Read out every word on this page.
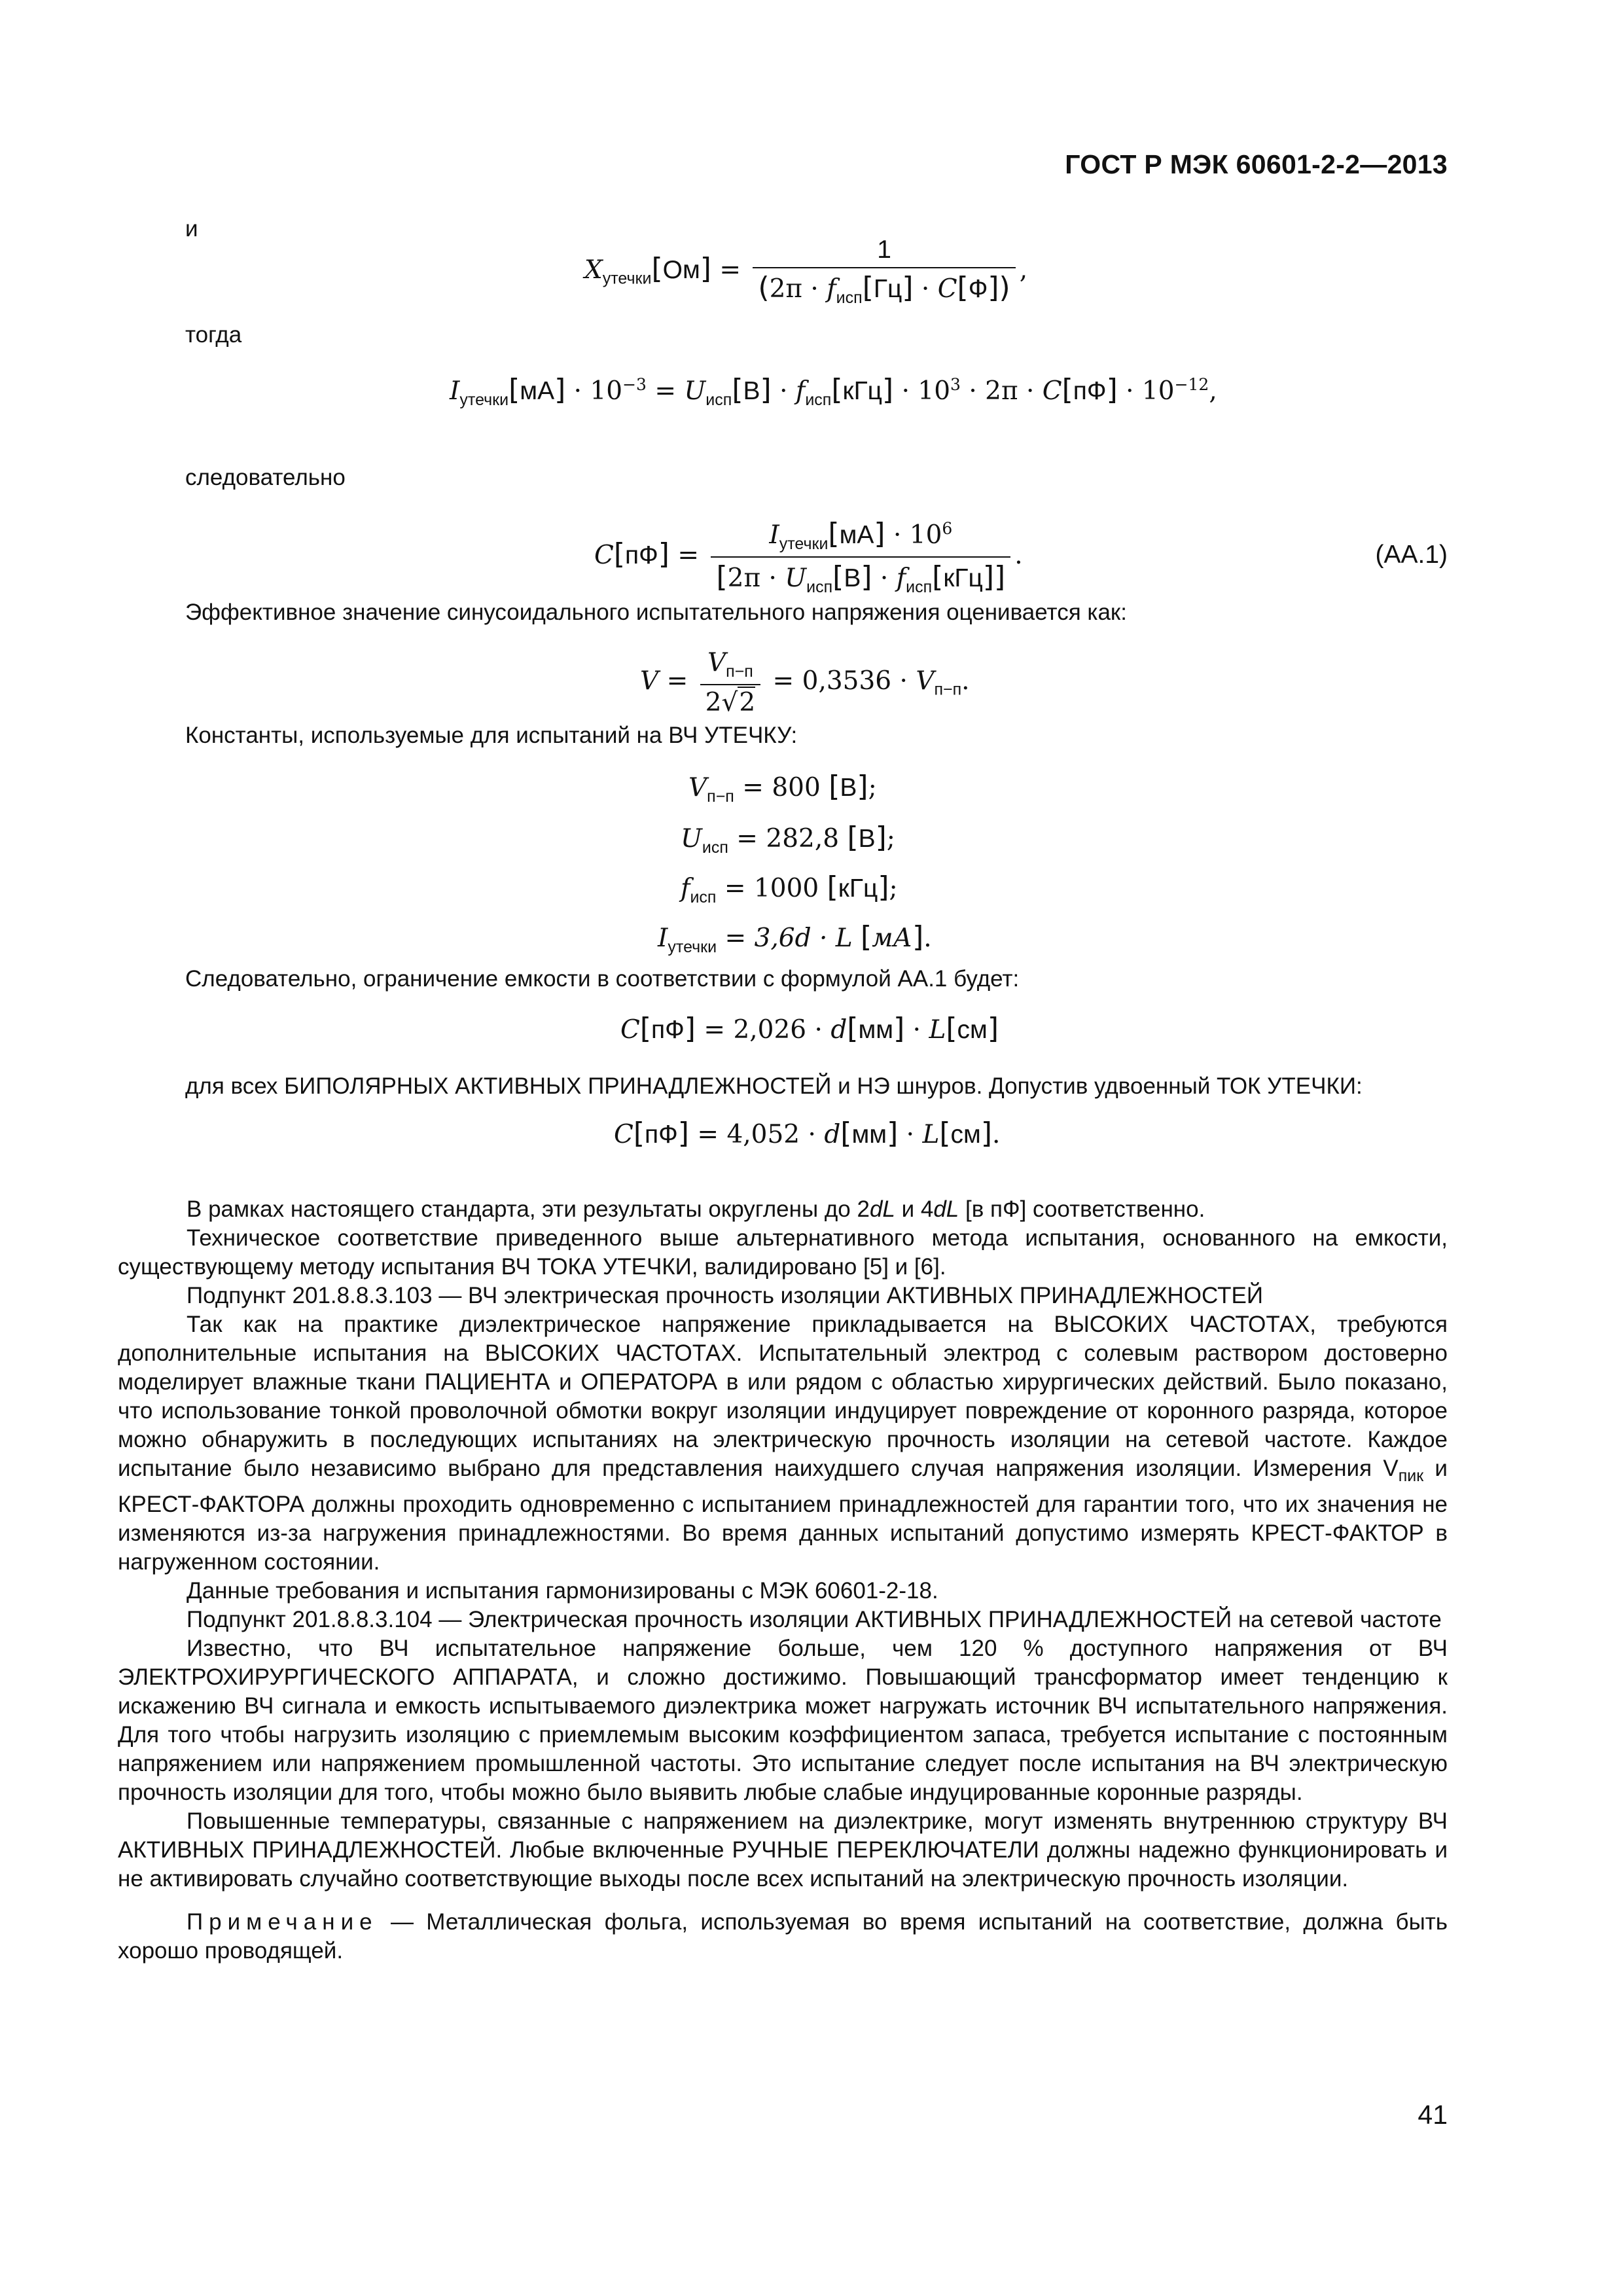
ГОСТ Р МЭК 60601-2-2—2013
и
$X_{утечки}[Ом] = \frac{1}{(2\pi \cdot f_{исп}[Гц] \cdot C[Ф])}$ ,
тогда
$I_{утечки}[мА] \cdot 10^{-3} = U_{исп}[В] \cdot f_{исп}[кГц] \cdot 10^3 \cdot 2\pi \cdot C[пФ] \cdot 10^{-12}$,
следовательно
$C[пФ] = \frac{I_{утечки}[мА] \cdot 10^6}{[2\pi \cdot U_{исп}[В] \cdot f_{исп}[кГц]]}$ .	(АА.1)
Эффективное значение синусоидального испытательного напряжения оценивается как:
$V = \frac{V_{п-п}}{2√2} = 0,3536 \cdot V_{п-п}$.
Константы, используемые для испытаний на ВЧ УТЕЧКУ:
$V_{п-п} = 800$ [В];
$U_{исп} = 282,8$ [В];
$f_{исп} = 1000$ [кГц];
$I_{утечки} = 3,6d \cdot L$ [мА].
Следовательно, ограничение емкости в соответствии с формулой АА.1 будет:
C[пФ] = 2,026 · d[мм] · L[см]
для всех БИПОЛЯРНЫХ АКТИВНЫХ ПРИНАДЛЕЖНОСТЕЙ и НЭ шнуров. Допустив удвоенный ТОК УТЕЧКИ:
C[пФ] = 4,052 · d[мм] · L[см].

В рамках настоящего стандарта, эти результаты округлены до 2dL и 4dL [в пФ] соответственно.

Техническое соответствие приведенного выше альтернативного метода испытания, основанного на емкости, существующему методу испытания ВЧ ТОКА УТЕЧКИ, валидировано [5] и [6].

Подпункт 201.8.8.3.103 — ВЧ электрическая прочность изоляции АКТИВНЫХ ПРИНАДЛЕЖНОСТЕЙ

Так как на практике диэлектрическое напряжение прикладывается на ВЫСОКИХ ЧАСТОТАХ, требуются дополнительные испытания на ВЫСОКИХ ЧАСТОТАХ. Испытательный электрод с солевым раствором достоверно моделирует влажные ткани ПАЦИЕНТА и ОПЕРАТОРА в или рядом с областью хирургических действий. Было показано, что использование тонкой проволочной обмотки вокруг изоляции индуцирует повреждение от коронного разряда, которое можно обнаружить в последующих испытаниях на электрическую прочность изоляции на сетевой частоте. Каждое испытание было независимо выбрано для представления наихудшего случая напряжения изоляции. Измерения $V_{пик}$ и КРЕСТ-ФАКТОРА должны проходить одновременно с испытанием принадлежностей для гарантии того, что их значения не изменяются из-за нагружения принадлежностями. Во время данных испытаний допустимо измерять КРЕСТ-ФАКТОР в нагруженном состоянии.

Данные требования и испытания гармонизированы с МЭК 60601-2-18.

Подпункт 201.8.8.3.104 — Электрическая прочность изоляции АКТИВНЫХ ПРИНАДЛЕЖНОСТЕЙ на сетевой частоте

Известно, что ВЧ испытательное напряжение больше, чем 120 % доступного напряжения от ВЧ ЭЛЕКТРОХИРУРГИЧЕСКОГО АППАРАТА, и сложно достижимо. Повышающий трансформатор имеет тенденцию к искажению ВЧ сигнала и емкость испытываемого диэлектрика может нагружать источник ВЧ испытательного напряжения. Для того чтобы нагрузить изоляцию с приемлемым высоким коэффициентом запаса, требуется испытание с постоянным напряжением или напряжением промышленной частоты. Это испытание следует после испытания на ВЧ электрическую прочность изоляции для того, чтобы можно было выявить любые слабые индуцированные коронные разряды.

Повышенные температуры, связанные с напряжением на диэлектрике, могут изменять внутреннюю структуру ВЧ АКТИВНЫХ ПРИНАДЛЕЖНОСТЕЙ. Любые включенные РУЧНЫЕ ПЕРЕКЛЮЧАТЕЛИ должны надежно функционировать и не активировать случайно соответствующие выходы после всех испытаний на электрическую прочность изоляции.

Примечание — Металлическая фольга, используемая во время испытаний на соответствие, должна быть хорошо проводящей.

41
